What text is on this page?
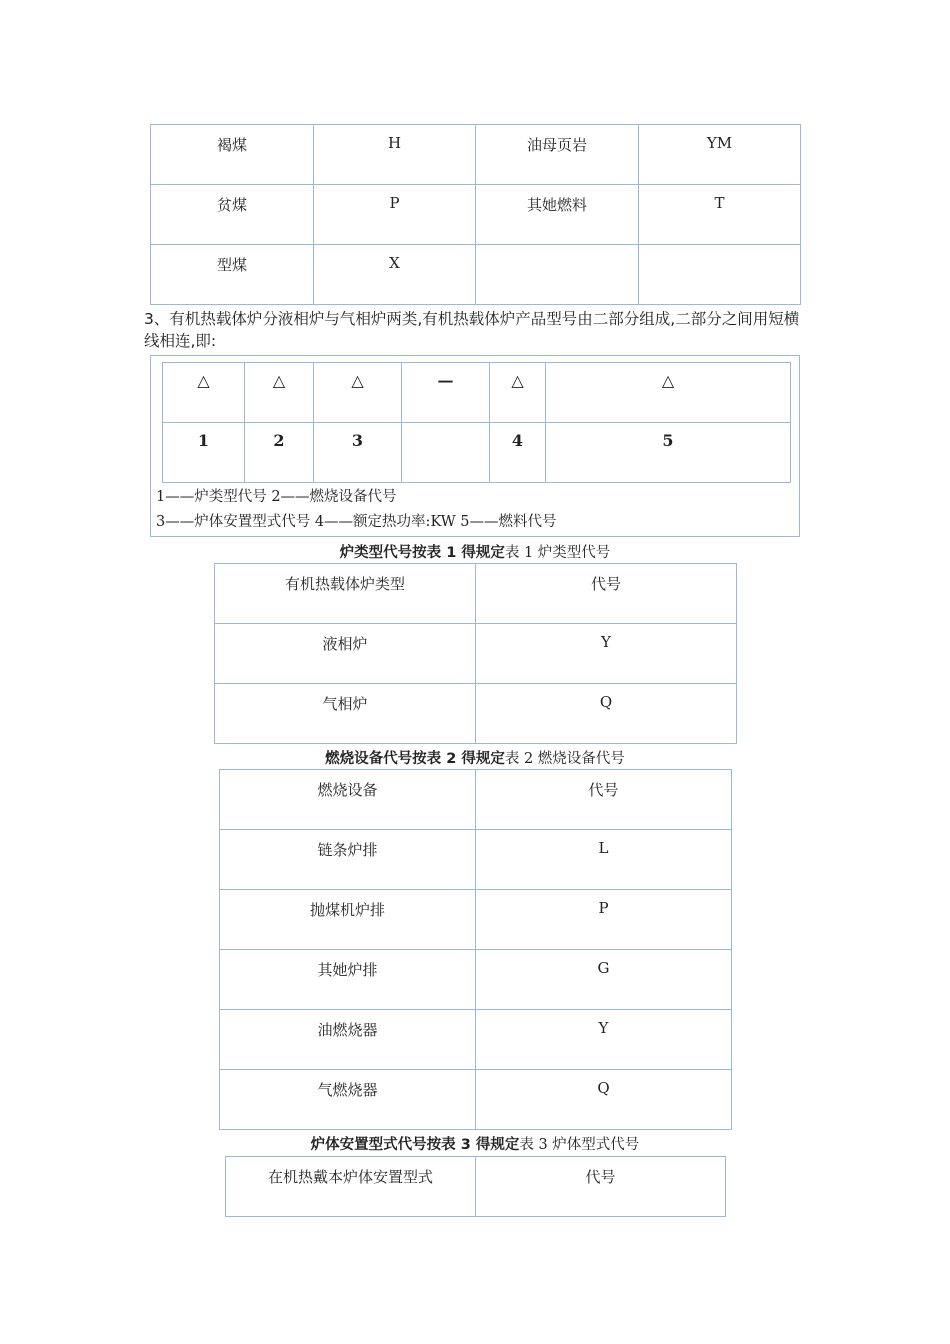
褐煤	H	油母页岩	YM
贫煤	P	其她燃料	T
型煤	X		
3、有机热载体炉分液相炉与气相炉两类,有机热载体炉产品型号由二部分组成,二部分之间用短横线相连,即:
△	△	△	—	△	△
1	2	3		4	5
1——炉类型代号 2——燃烧设备代号
3——炉体安置型式代号 4——额定热功率:KW 5——燃料代号
炉类型代号按表 1 得规定表 1 炉类型代号
有机热载体炉类型	代号
液相炉	Y
气相炉	Q
燃烧设备代号按表 2 得规定表 2 燃烧设备代号
燃烧设备	代号
链条炉排	L
抛煤机炉排	P
其她炉排	G
油燃烧器	Y
气燃烧器	Q
炉体安置型式代号按表 3 得规定表 3 炉体型式代号
在机热戴本炉体安置型式	代号
